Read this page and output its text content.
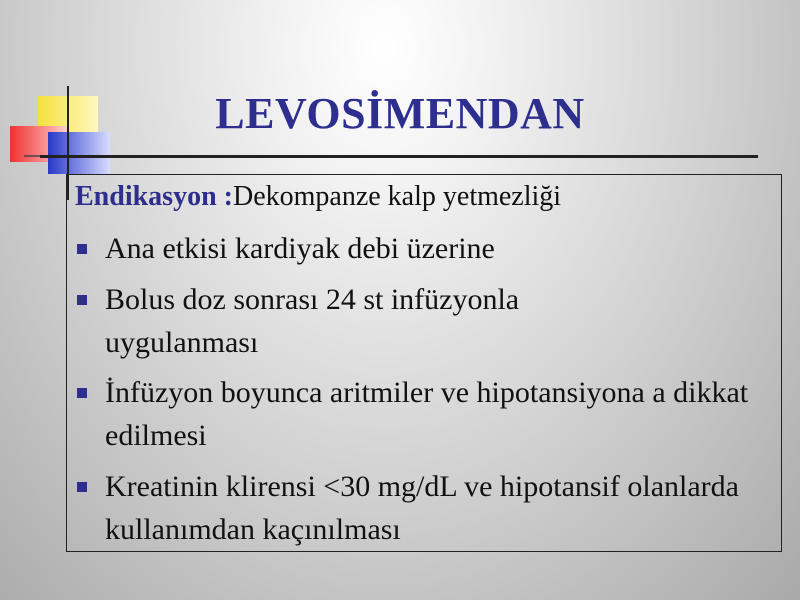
LEVOSİMENDAN
Endikasyon :Dekompanze kalp yetmezliği
Ana etkisi kardiyak debi üzerine
Bolus doz sonrası 24 st infüzyonla uygulanması
İnfüzyon boyunca aritmiler ve hipotansiyona a dikkat edilmesi
Kreatinin klirensi <30 mg/dL ve hipotansif olanlarda kullanımdan kaçınılması
